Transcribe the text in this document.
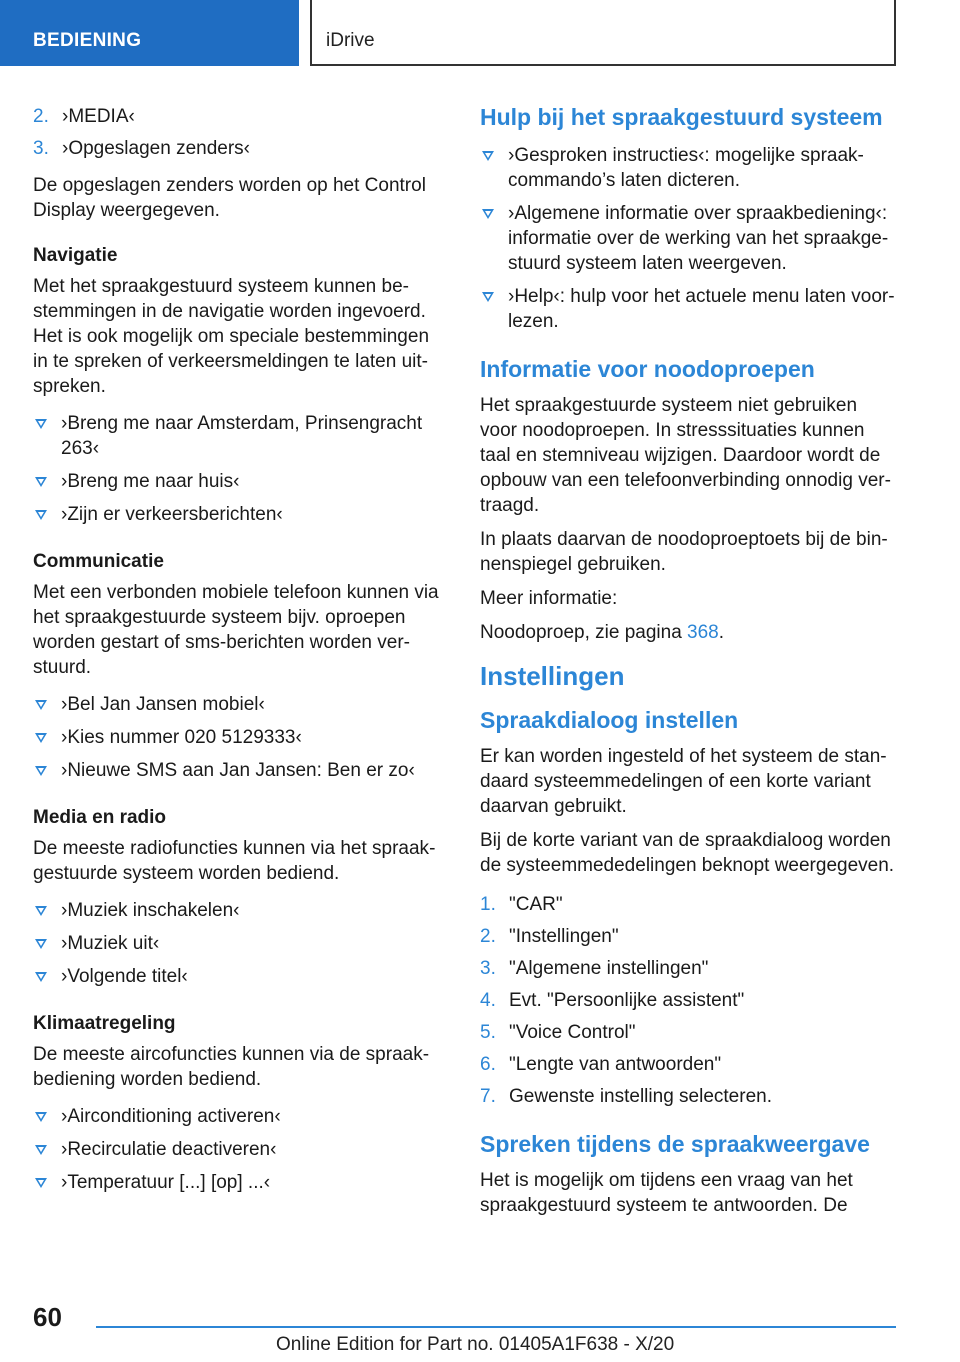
BEDIENING	iDrive
2. ›MEDIA‹
3. ›Opgeslagen zenders‹

De opgeslagen zenders worden op het Control Display weergegeven.

Navigatie

Met het spraakgestuurd systeem kunnen bestemmingen in de navigatie worden ingevoerd. Het is ook mogelijk om speciale bestemmingen in te spreken of verkeersmeldingen te laten uitspreken.

›Breng me naar Amsterdam, Prinsengracht 263‹
›Breng me naar huis‹
›Zijn er verkeersberichten‹
Communicatie

Met een verbonden mobiele telefoon kunnen via het spraakgestuurde systeem bijv. oproepen worden gestart of sms-berichten worden verstuurd.

›Bel Jan Jansen mobiel‹
›Kies nummer 020 5129333‹
›Nieuwe SMS aan Jan Jansen: Ben er zo‹
Media en radio

De meeste radiofuncties kunnen via het spraakgestuurde systeem worden bediend.

›Muziek inschakelen‹
›Muziek uit‹
›Volgende titel‹
Klimaatregeling

De meeste aircofuncties kunnen via de spraakbediening worden bediend.

›Airconditioning activeren‹
›Recirculatie deactiveren‹
›Temperatuur [...] [op] ...‹
Hulp bij het spraakgestuurd systeem
›Gesproken instructies‹: mogelijke spraakcommando’s laten dicteren.
›Algemene informatie over spraakbediening‹: informatie over de werking van het spraakgestuurd systeem laten weergeven.
›Help‹: hulp voor het actuele menu laten voorlezen.
Informatie voor noodoproepen

Het spraakgestuurde systeem niet gebruiken voor noodoproepen. In stresssituaties kunnen taal en stemniveau wijzigen. Daardoor wordt de opbouw van een telefoonverbinding onnodig vertraagd.

In plaats daarvan de noodoproeptoets bij de binnenspiegel gebruiken.

Meer informatie:

Noodoproep, zie pagina 368.

Instellingen
Spraakdialoog instellen

Er kan worden ingesteld of het systeem de standaard systeemmedelingen of een korte variant daarvan gebruikt.

Bij de korte variant van de spraakdialoog worden de systeemmededelingen beknopt weergegeven.

1. "CAR"
2. "Instellingen"
3. "Algemene instellingen"
4. Evt. "Persoonlijke assistent"
5. "Voice Control"
6. "Lengte van antwoorden"
7. Gewenste instelling selecteren.
Spreken tijdens de spraakweergave

Het is mogelijk om tijdens een vraag van het spraakgestuurd systeem te antwoorden. De

60
Online Edition for Part no. 01405A1F638 - X/20
